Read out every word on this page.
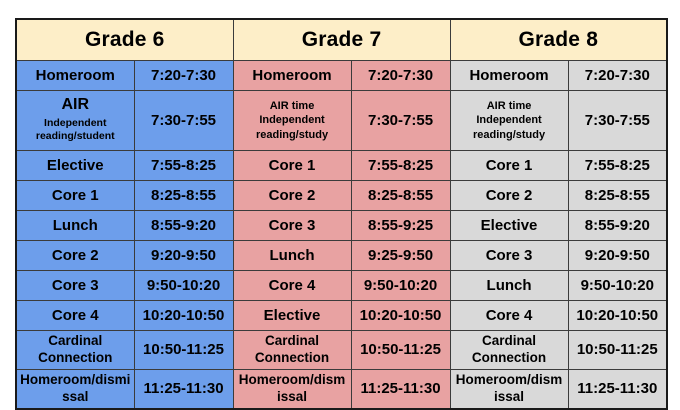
Grade 6		Grade 7		Grade 8	
Homeroom	7:20-7:30	Homeroom	7:20-7:30	Homeroom	7:20-7:30

AIR
Independent
reading/student	7:30-7:55	AIR time
Independent
reading/study	7:30-7:55	AIR time
Independent
reading/study	7:30-7:55
Elective	7:55-8:25	Core 1	7:55-8:25	Core 1	7:55-8:25
Core 1	8:25-8:55	Core 2	8:25-8:55	Core 2	8:25-8:55
Lunch	8:55-9:20	Core 3	8:55-9:25	Elective	8:55-9:20
Core 2	9:20-9:50	Lunch	9:25-9:50	Core 3	9:20-9:50
Core 3	9:50-10:20	Core 4	9:50-10:20	Lunch	9:50-10:20
Core 4	10:20-10:50	Elective	10:20-10:50	Core 4	10:20-10:50

Cardinal
Connection	10:50-11:25	Cardinal
Connection	10:50-11:25	Cardinal
Connection	10:50-11:25

Homeroom/dismi
ssal	11:25-11:30	Homeroom/dism
issal	11:25-11:30	Homeroom/dism
issal	11:25-11:30
